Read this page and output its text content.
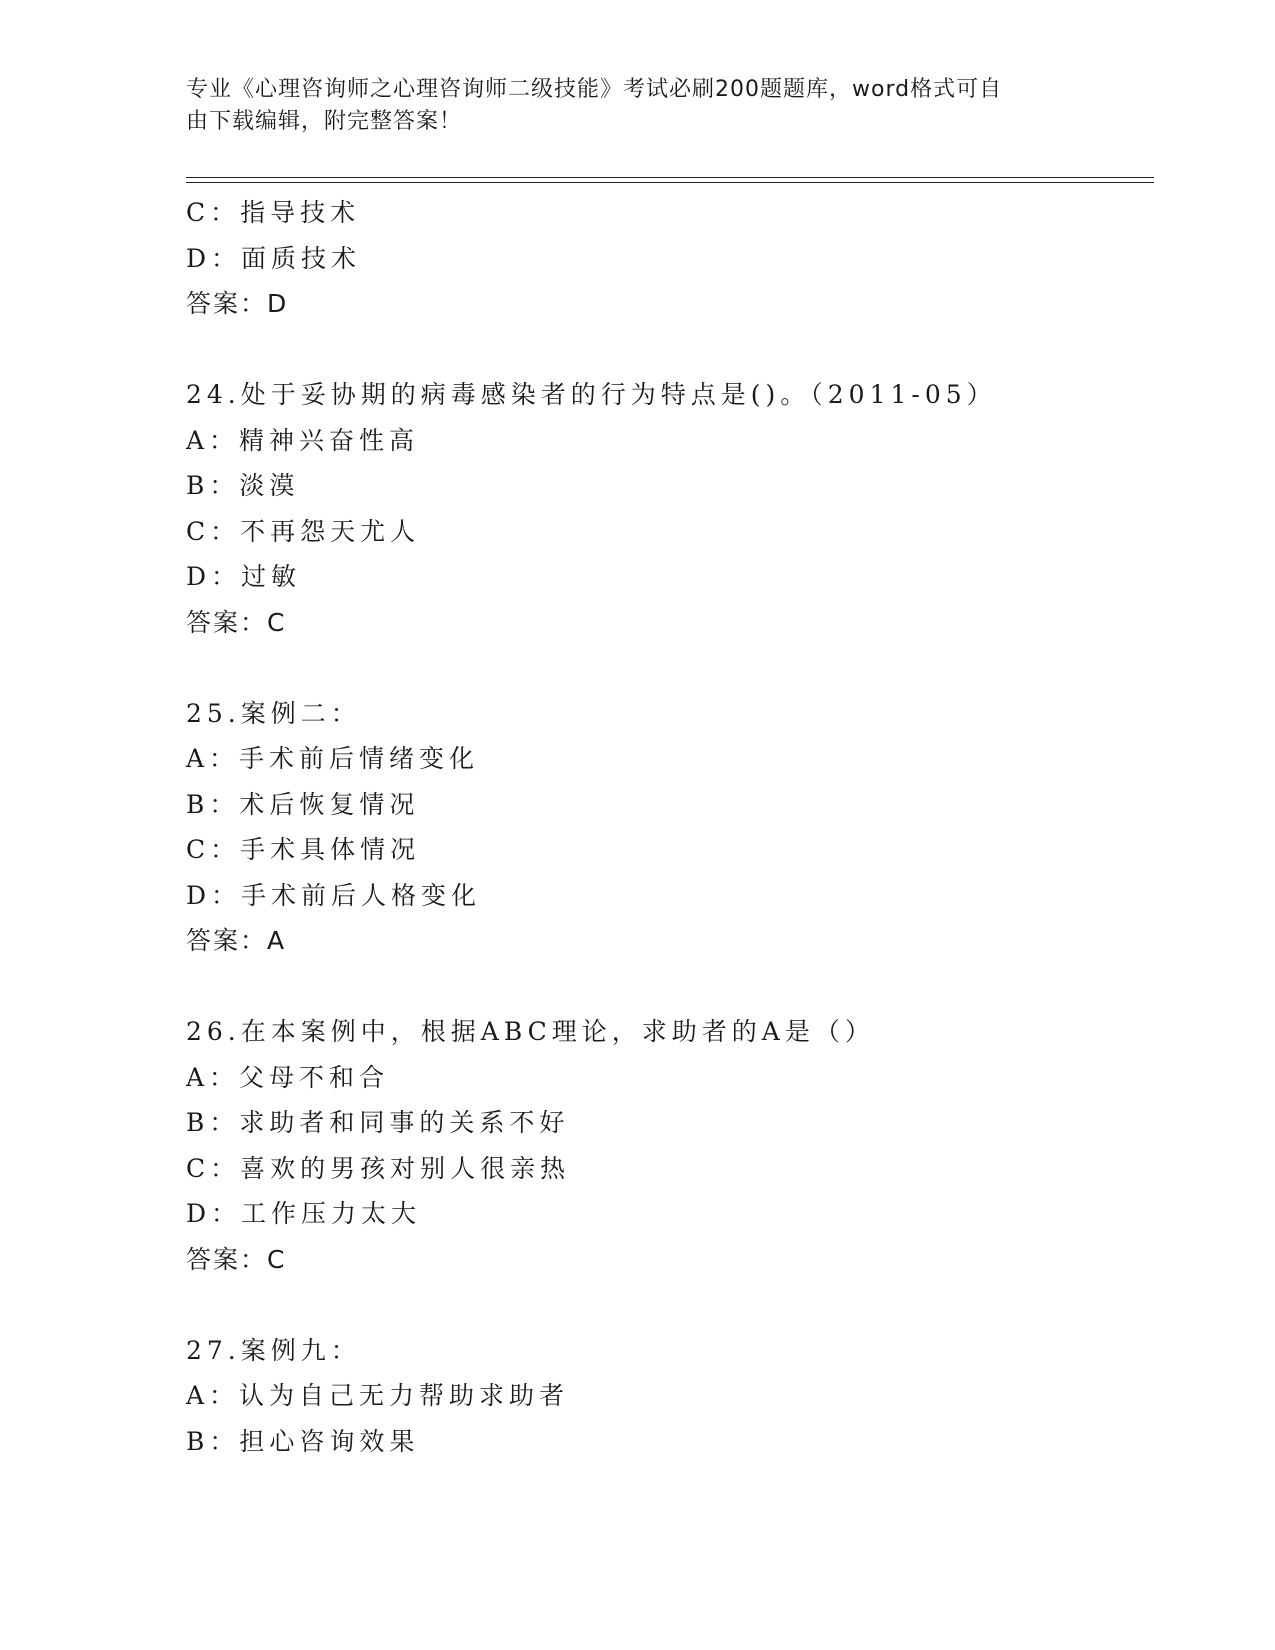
专业《心理咨询师之心理咨询师二级技能》考试必刷200题题库，word格式可自
由下载编辑，附完整答案！
C：指导技术
D：面质技术
答案：D
24.处于妥协期的病毒感染者的行为特点是()。（2011-05）
A：精神兴奋性高
B：淡漠
C：不再怨天尤人
D：过敏
答案：C
25.案例二：
A：手术前后情绪变化
B：术后恢复情况
C：手术具体情况
D：手术前后人格变化
答案：A
26.在本案例中，根据ABC理论，求助者的A是（）
A：父母不和合
B：求助者和同事的关系不好
C：喜欢的男孩对别人很亲热
D：工作压力太大
答案：C
27.案例九：
A：认为自己无力帮助求助者
B：担心咨询效果
